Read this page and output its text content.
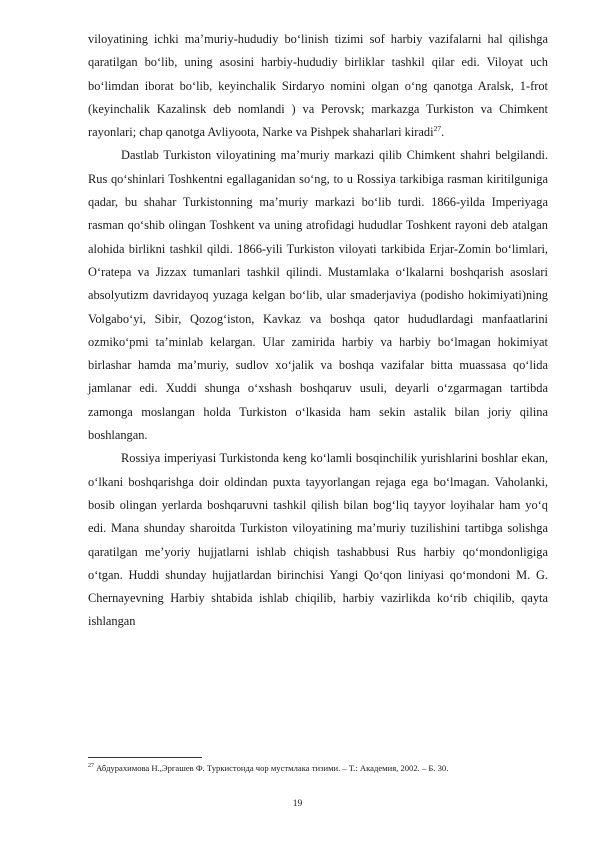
viloyatining ichki ma’muriy-hududiy bo‘linish tizimi sof harbiy vazifalarni hal qilishga qaratilgan bo‘lib, uning asosini harbiy-hududiy birliklar tashkil qilar edi. Viloyat uch bo‘limdan iborat bo‘lib, keyinchalik Sirdaryo nomini olgan o‘ng qanotga Aralsk, 1-frot (keyinchalik Kazalinsk deb nomlandi ) va Perovsk; markazga Turkiston va Chimkent rayonlari; chap qanotga Avliyoota, Narke va Pishpek shaharlari kiradi$^{27}$.

Dastlab Turkiston viloyatining ma’muriy markazi qilib Chimkent shahri belgilandi. Rus qo‘shinlari Toshkentni egallaganidan so‘ng, to u Rossiya tarkibiga rasman kiritilguniga qadar, bu shahar Turkistonning ma’muriy markazi bo‘lib turdi. 1866-yilda Imperiyaga rasman qo‘shib olingan Toshkent va uning atrofidagi hududlar Toshkent rayoni deb atalgan alohida birlikni tashkil qildi. 1866-yili Turkiston viloyati tarkibida Erjar-Zomin bo‘limlari, O‘ratepa va Jizzax tumanlari tashkil qilindi. Mustamlaka o‘lkalarni boshqarish asoslari absolyutizm davridayoq yuzaga kelgan bo‘lib, ular smaderjaviya (podisho hokimiyati)ning Volgabo‘yi, Sibir, Qozog‘iston, Kavkaz va boshqa qator hududlardagi manfaatlarini ozmiko‘pmi ta’minlab kelargan. Ular zamirida harbiy va harbiy bo‘lmagan hokimiyat birlashar hamda ma’muriy, sudlov xo‘jalik va boshqa vazifalar bitta muassasa qo‘lida jamlanar edi. Xuddi shunga o‘xshash boshqaruv usuli, deyarli o‘zgarmagan tartibda zamonga moslangan holda Turkiston o‘lkasida ham sekin astalik bilan joriy qilina boshlangan.

Rossiya imperiyasi Turkistonda keng ko‘lamli bosqinchilik yurishlarini boshlar ekan, o‘lkani boshqarishga doir oldindan puxta tayyorlangan rejaga ega bo‘lmagan. Vaholanki, bosib olingan yerlarda boshqaruvni tashkil qilish bilan bog‘liq tayyor loyihalar ham yo‘q edi. Mana shunday sharoitda Turkiston viloyatining ma’muriy tuzilishini tartibga solishga qaratilgan me’yoriy hujjatlarni ishlab chiqish tashabbusi Rus harbiy qo‘mondonligiga o‘tgan. Huddi shunday hujjatlardan birinchisi Yangi Qo‘qon liniyasi qo‘mondoni M. G. Chernayevning Harbiy shtabida ishlab chiqilib, harbiy vazirlikda ko‘rib chiqilib, qayta ishlangan

$^{27}$ Абдурахимова Н.,Эргашев Ф. Туркистонда чор мустмлака тизими. – Т.: Академия, 2002. – Б. 30.
19
